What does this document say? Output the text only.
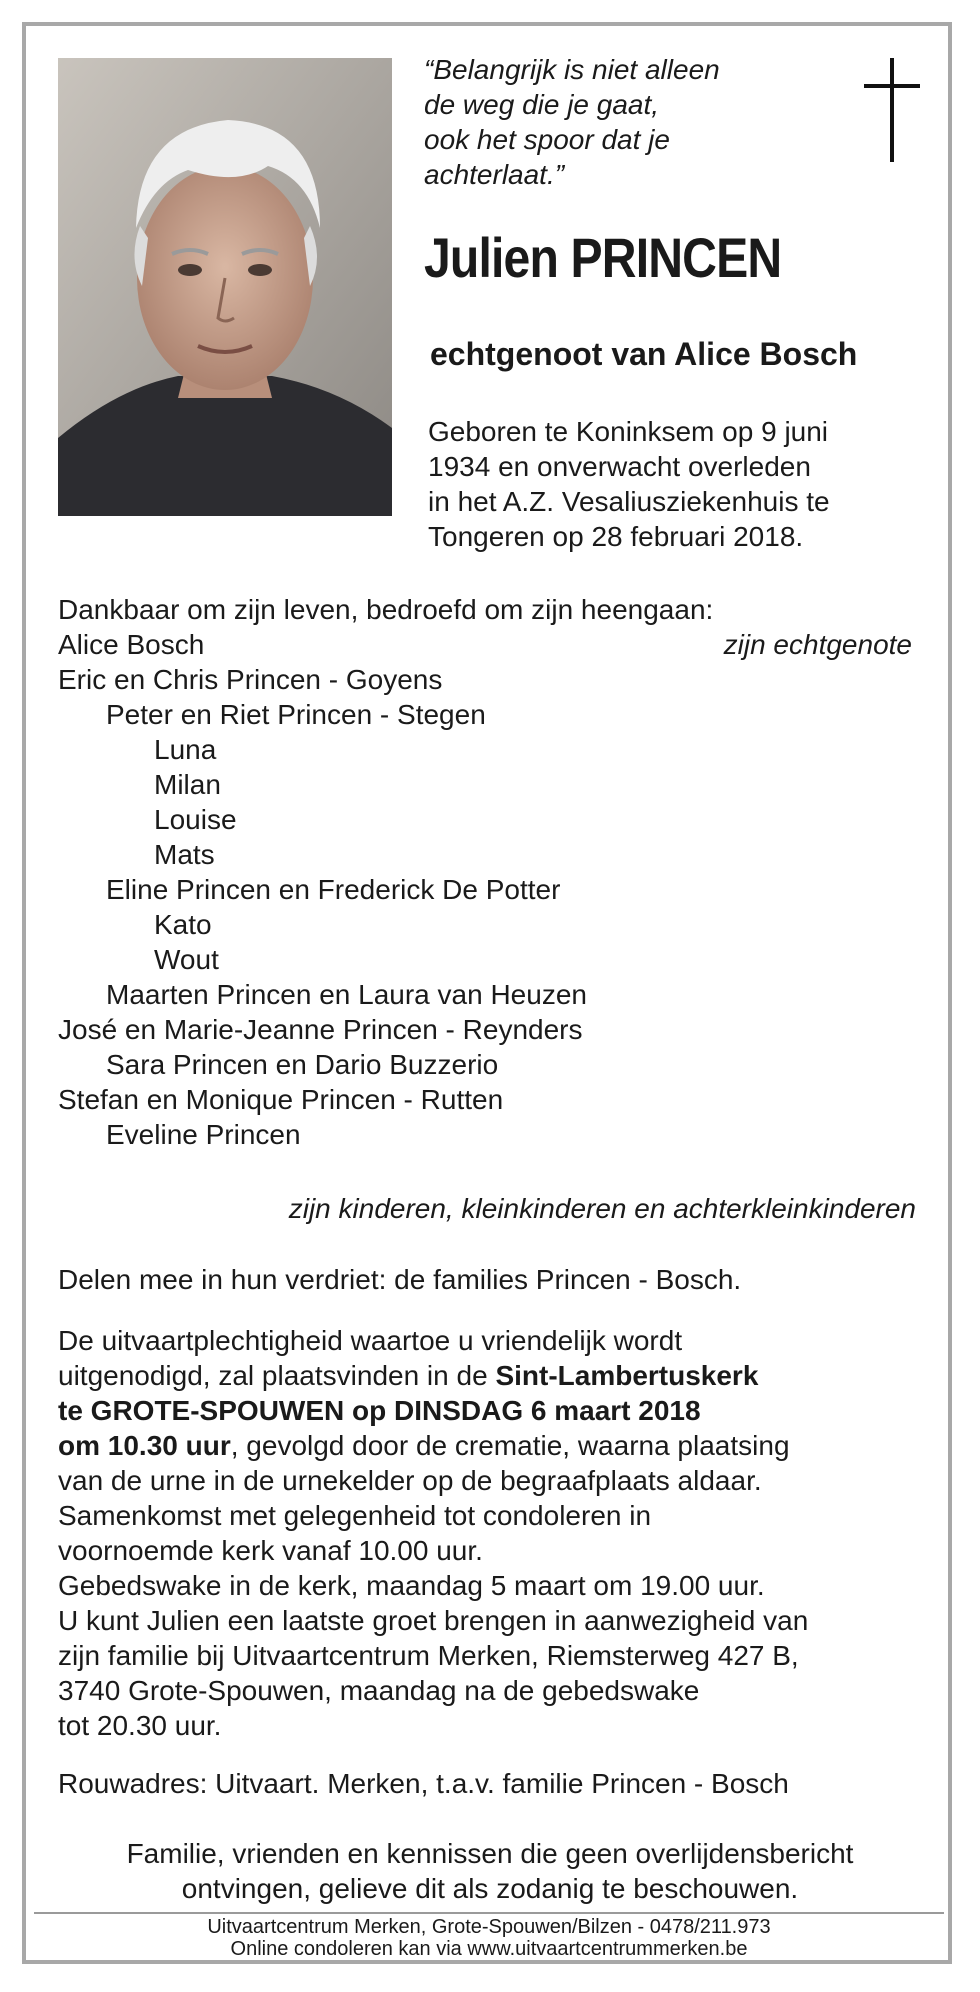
“Belangrijk is niet alleen
de weg die je gaat,
ook het spoor dat je
achterlaat.”
Julien PRINCEN
echtgenoot van Alice Bosch
Geboren te Koninksem op 9 juni
1934 en onverwacht overleden
in het A.Z. Vesaliusziekenhuis te
Tongeren op 28 februari 2018.
Dankbaar om zijn leven, bedroefd om zijn heengaan:
Alice Bosch	zijn echtgenote
Eric en Chris Princen - Goyens
Peter en Riet Princen - Stegen
Luna
Milan
Louise
Mats
Eline Princen en Frederick De Potter
Kato
Wout
Maarten Princen en Laura van Heuzen
José en Marie-Jeanne Princen - Reynders
Sara Princen en Dario Buzzerio
Stefan en Monique Princen - Rutten
Eveline Princen
zijn kinderen, kleinkinderen en achterkleinkinderen
Delen mee in hun verdriet: de families Princen - Bosch.
De uitvaartplechtigheid waartoe u vriendelijk wordt
uitgenodigd, zal plaatsvinden in de Sint-Lambertuskerk
te GROTE-SPOUWEN op DINSDAG 6 maart 2018
om 10.30 uur, gevolgd door de crematie, waarna plaatsing
van de urne in de urnekelder op de begraafplaats aldaar.
Samenkomst met gelegenheid tot condoleren in
voornoemde kerk vanaf 10.00 uur.
Gebedswake in de kerk, maandag 5 maart om 19.00 uur.
U kunt Julien een laatste groet brengen in aanwezigheid van
zijn familie bij Uitvaartcentrum Merken, Riemsterweg 427 B,
3740 Grote-Spouwen, maandag na de gebedswake
tot 20.30 uur.
Rouwadres: Uitvaart. Merken, t.a.v. familie Princen - Bosch
Familie, vrienden en kennissen die geen overlijdensbericht
ontvingen, gelieve dit als zodanig te beschouwen.
Uitvaartcentrum Merken, Grote-Spouwen/Bilzen - 0478/211.973
Online condoleren kan via www.uitvaartcentrummerken.be
